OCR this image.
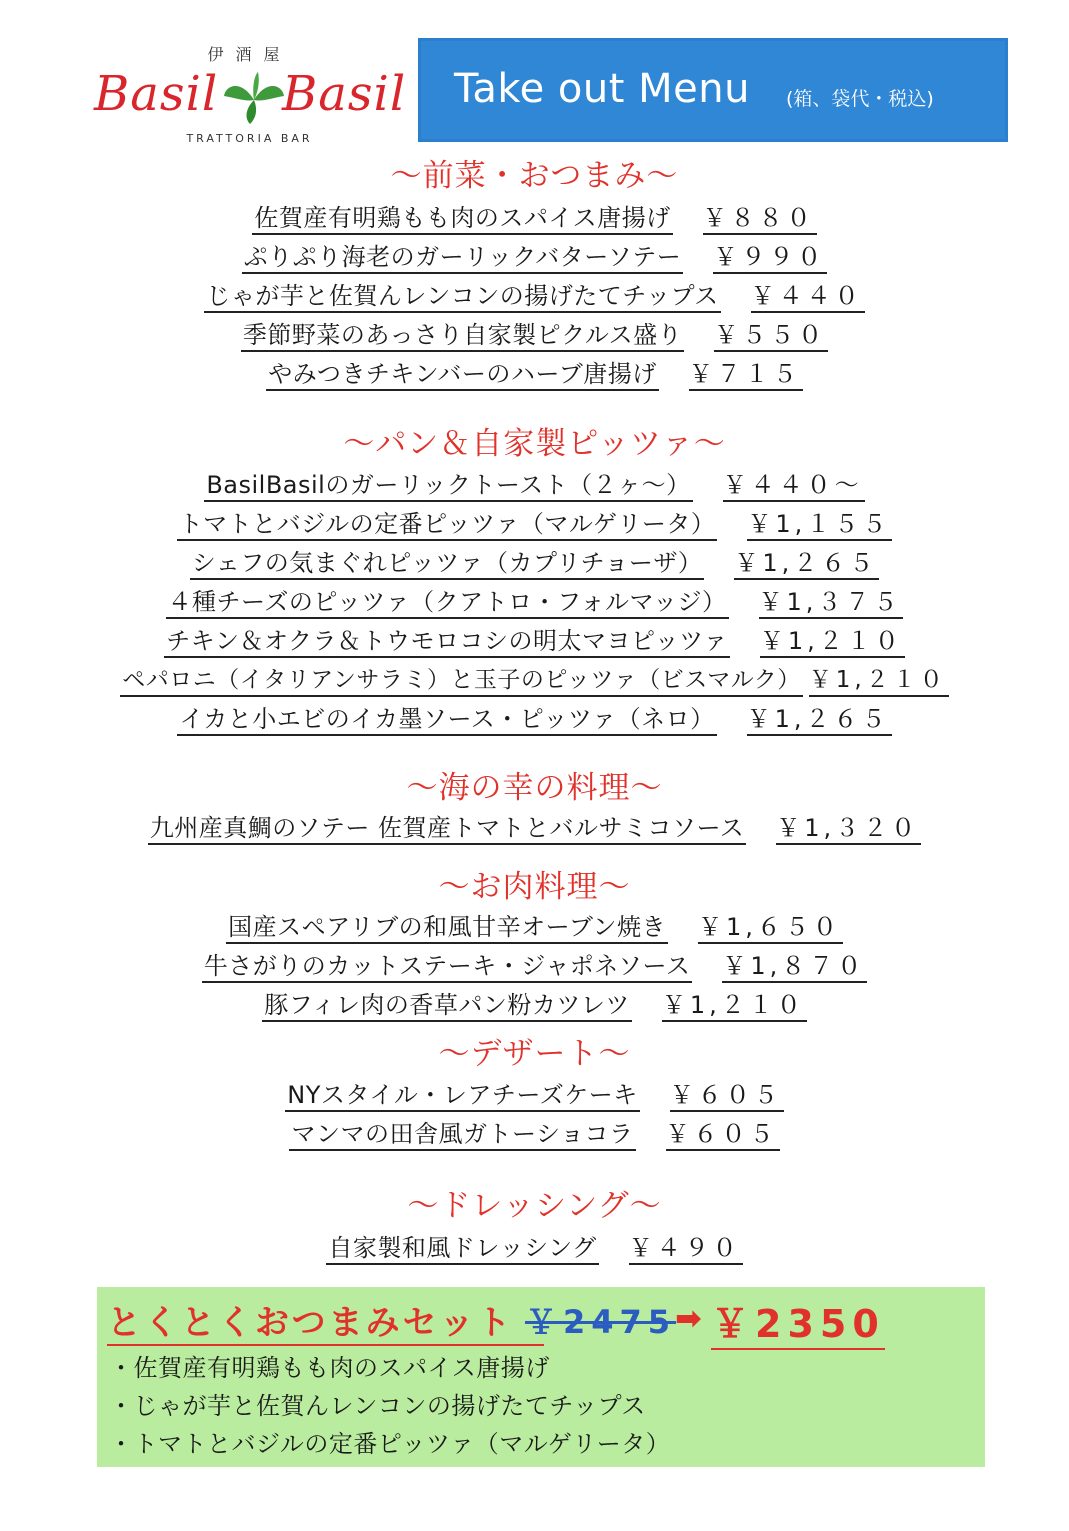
伊酒屋
Basil Basil
TRATTORIA BAR
Take out Menu (箱、袋代・税込)
～前菜・おつまみ～
佐賀産有明鶏もも肉のスパイス唐揚げ ￥８８０
ぷりぷり海老のガーリックバターソテー ￥９９０
じゃが芋と佐賀んレンコンの揚げたてチップス ￥４４０
季節野菜のあっさり自家製ピクルス盛り ￥５５０
やみつきチキンバーのハーブ唐揚げ ￥７１５
～パン＆自家製ピッツァ～
BasilBasilのガーリックトースト（２ヶ～） ￥４４０～
トマトとバジルの定番ピッツァ（マルゲリータ） ￥1,１５５
シェフの気まぐれピッツァ（カプリチョーザ） ￥1,２６５
４種チーズのピッツァ（クアトロ・フォルマッジ） ￥1,３７５
チキン＆オクラ＆トウモロコシの明太マヨピッツァ ￥1,２１０
ペパロニ（イタリアンサラミ）と玉子のピッツァ（ビスマルク） ￥1,２１０
イカと小エビのイカ墨ソース・ピッツァ（ネロ） ￥1,２６５
～海の幸の料理～
九州産真鯛のソテー 佐賀産トマトとバルサミコソース ￥1,３２０
～お肉料理～
国産スペアリブの和風甘辛オーブン焼き ￥1,６５０
牛さがりのカットステーキ・ジャポネソース ￥1,８７０
豚フィレ肉の香草パン粉カツレツ ￥1,２１０
～デザート～
NYスタイル・レアチーズケーキ ￥６０５
マンマの田舎風ガトーショコラ ￥６０５
～ドレッシング～
自家製和風ドレッシング ￥４９０
とくとくおつまみセット ￥2475
➡ ￥2350
・佐賀産有明鶏もも肉のスパイス唐揚げ
・じゃが芋と佐賀んレンコンの揚げたてチップス
・トマトとバジルの定番ピッツァ（マルゲリータ）
